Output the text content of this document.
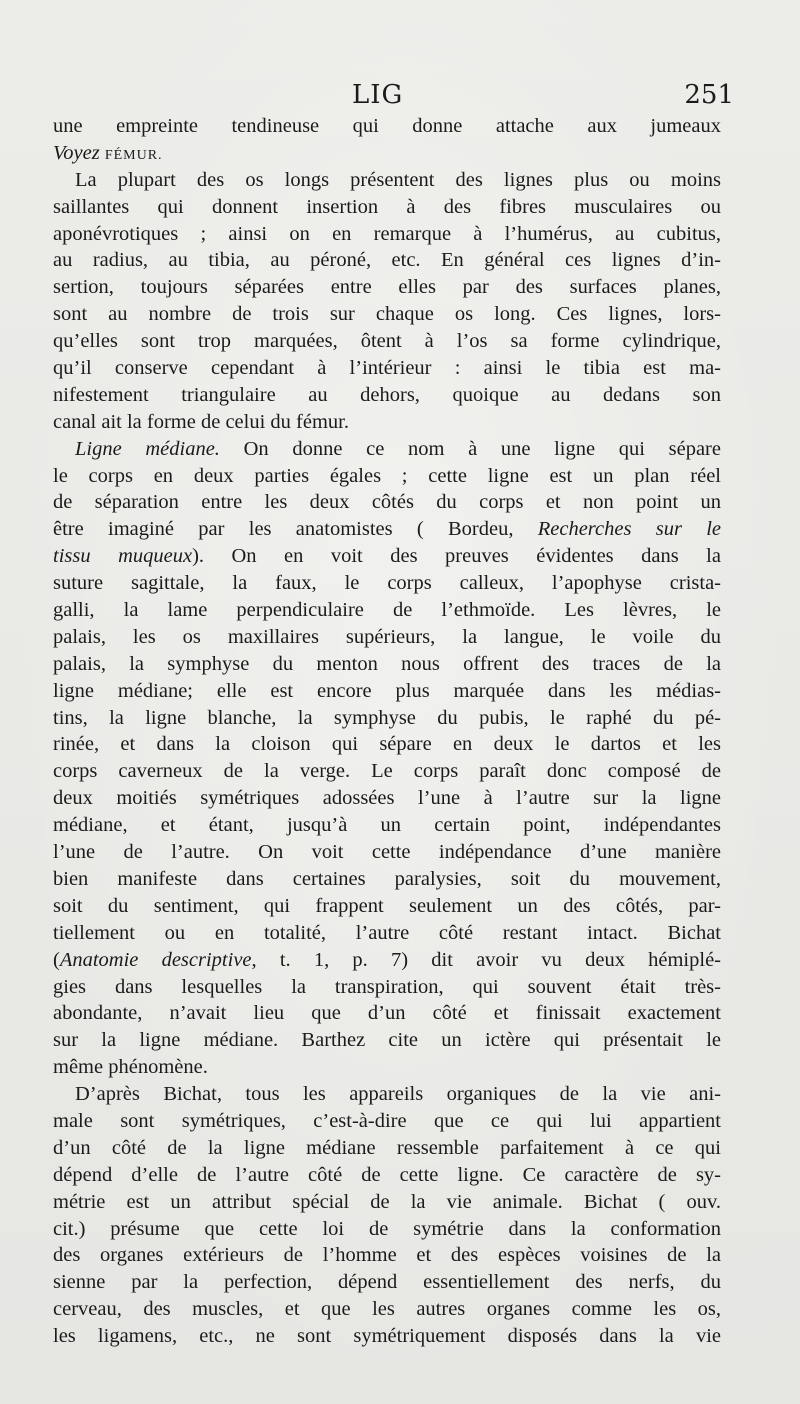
LIG	251
une empreinte tendineuse qui donne attache aux jumeaux
Voyez FÉMUR.
La plupart des os longs présentent des lignes plus ou moins
saillantes qui donnent insertion à des fibres musculaires ou
aponévrotiques ; ainsi on en remarque à l’humérus, au cubitus,
au radius, au tibia, au péroné, etc. En général ces lignes d’in-
sertion, toujours séparées entre elles par des surfaces planes,
sont au nombre de trois sur chaque os long. Ces lignes, lors-
qu’elles sont trop marquées, ôtent à l’os sa forme cylindrique,
qu’il conserve cependant à l’intérieur : ainsi le tibia est ma-
nifestement triangulaire au dehors, quoique au dedans son
canal ait la forme de celui du fémur.
Ligne médiane. On donne ce nom à une ligne qui sépare
le corps en deux parties égales ; cette ligne est un plan réel
de séparation entre les deux côtés du corps et non point un
être imaginé par les anatomistes ( Bordeu, Recherches sur le
tissu muqueux). On en voit des preuves évidentes dans la
suture sagittale, la faux, le corps calleux, l’apophyse crista-
galli, la lame perpendiculaire de l’ethmoïde. Les lèvres, le
palais, les os maxillaires supérieurs, la langue, le voile du
palais, la symphyse du menton nous offrent des traces de la
ligne médiane; elle est encore plus marquée dans les médias-
tins, la ligne blanche, la symphyse du pubis, le raphé du pé-
rinée, et dans la cloison qui sépare en deux le dartos et les
corps caverneux de la verge. Le corps paraît donc composé de
deux moitiés symétriques adossées l’une à l’autre sur la ligne
médiane, et étant, jusqu’à un certain point, indépendantes
l’une de l’autre. On voit cette indépendance d’une manière
bien manifeste dans certaines paralysies, soit du mouvement,
soit du sentiment, qui frappent seulement un des côtés, par-
tiellement ou en totalité, l’autre côté restant intact. Bichat
(Anatomie descriptive, t. 1, p. 7) dit avoir vu deux hémiplé-
gies dans lesquelles la transpiration, qui souvent était très-
abondante, n’avait lieu que d’un côté et finissait exactement
sur la ligne médiane. Barthez cite un ictère qui présentait le
même phénomène.
D’après Bichat, tous les appareils organiques de la vie ani-
male sont symétriques, c’est-à-dire que ce qui lui appartient
d’un côté de la ligne médiane ressemble parfaitement à ce qui
dépend d’elle de l’autre côté de cette ligne. Ce caractère de sy-
métrie est un attribut spécial de la vie animale. Bichat ( ouv.
cit.) présume que cette loi de symétrie dans la conformation
des organes extérieurs de l’homme et des espèces voisines de la
sienne par la perfection, dépend essentiellement des nerfs, du
cerveau, des muscles, et que les autres organes comme les os,
les ligamens, etc., ne sont symétriquement disposés dans la vie
